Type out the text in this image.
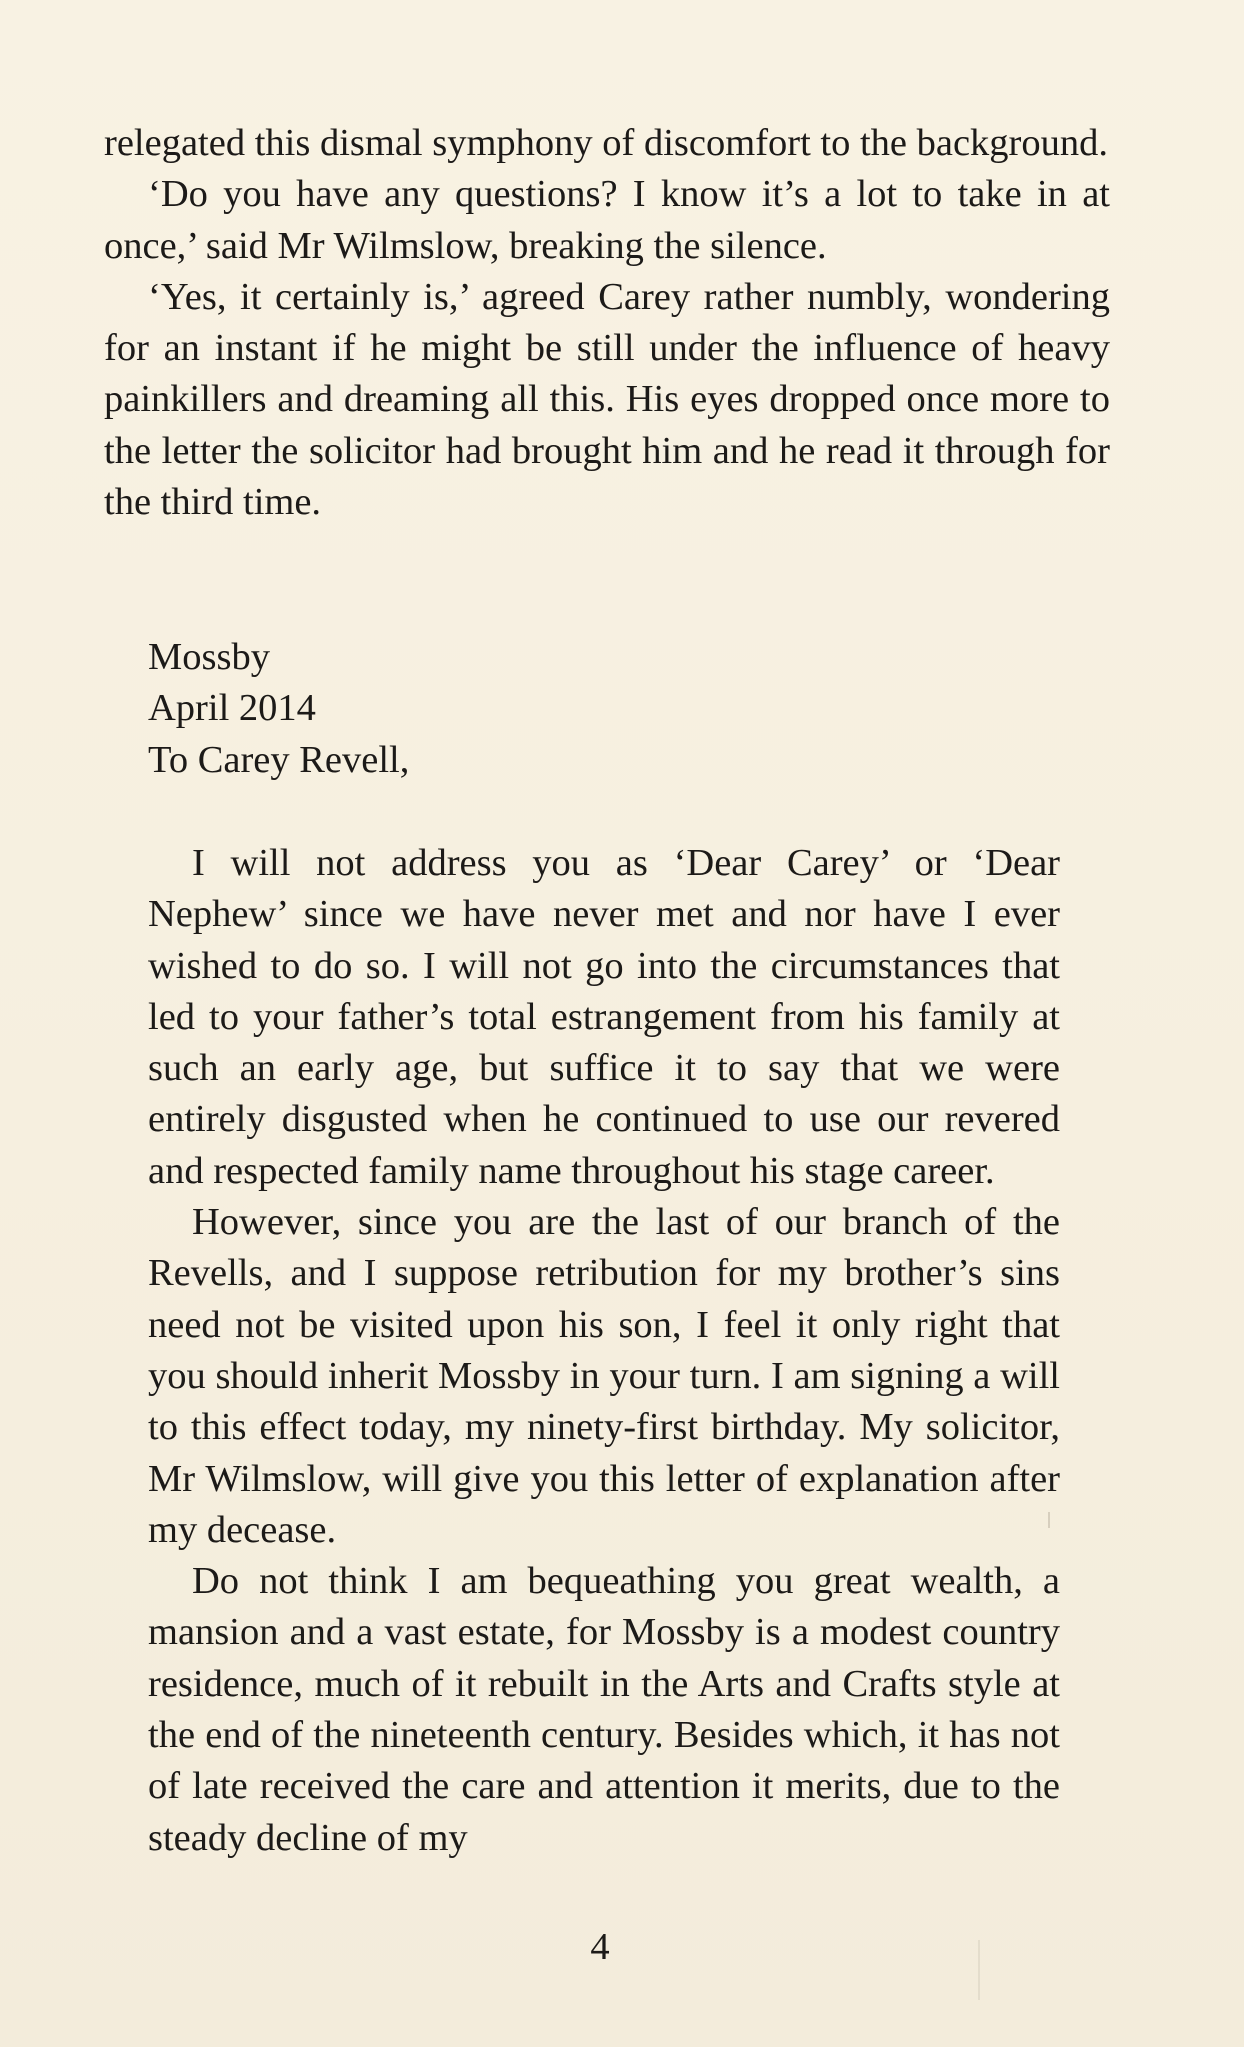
relegated this dismal symphony of discomfort to the background.

‘Do you have any questions? I know it’s a lot to take in at once,’ said Mr Wilmslow, breaking the silence.

‘Yes, it certainly is,’ agreed Carey rather numbly, wondering for an instant if he might be still under the influence of heavy painkillers and dreaming all this. His eyes dropped once more to the letter the solicitor had brought him and he read it through for the third time.

Mossby
April 2014
To Carey Revell,

I will not address you as ‘Dear Carey’ or ‘Dear Nephew’ since we have never met and nor have I ever wished to do so. I will not go into the circumstances that led to your father’s total estrangement from his family at such an early age, but suffice it to say that we were entirely disgusted when he continued to use our revered and respected family name throughout his stage career.

However, since you are the last of our branch of the Revells, and I suppose retribution for my brother’s sins need not be visited upon his son, I feel it only right that you should inherit Mossby in your turn. I am signing a will to this effect today, my ninety-first birthday. My solicitor, Mr Wilmslow, will give you this letter of explanation after my decease.

Do not think I am bequeathing you great wealth, a mansion and a vast estate, for Mossby is a modest country residence, much of it rebuilt in the Arts and Crafts style at the end of the nineteenth century. Besides which, it has not of late received the care and attention it merits, due to the steady decline of my

4
